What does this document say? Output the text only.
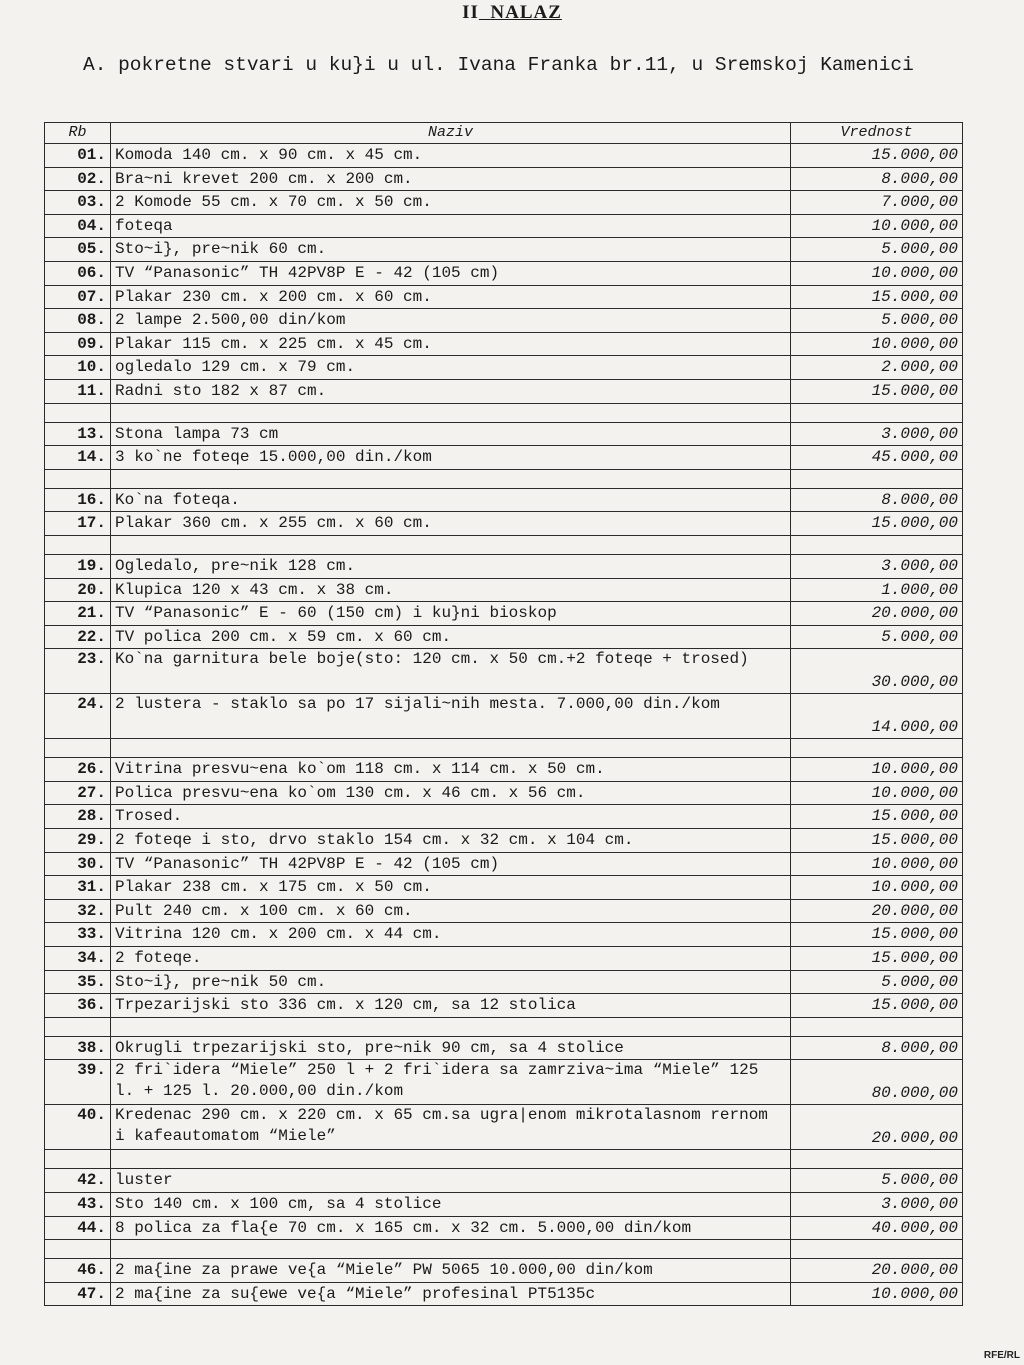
II NALAZ
A. pokretne stvari u ku}i u ul. Ivana Franka br.11, u Sremskoj Kamenici
Rb	Naziv	Vrednost
01.	Komoda 140 cm. x 90 cm. x 45 cm.	15.000,00
02.	Bra~ni krevet 200 cm. x 200 cm.	8.000,00
03.	2 Komode 55 cm. x 70 cm. x 50 cm.	7.000,00
04.	foteqa	10.000,00
05.	Sto~i}, pre~nik 60 cm.	5.000,00
06.	TV “Panasonic” TH 42PV8P E - 42 (105 cm)	10.000,00
07.	Plakar 230 cm. x 200 cm. x 60 cm.	15.000,00
08.	2 lampe 2.500,00 din/kom	5.000,00
09.	Plakar 115 cm. x 225 cm. x 45 cm.	10.000,00
10.	ogledalo 129 cm. x 79 cm.	2.000,00
11.	Radni sto 182 x 87 cm.	15.000,00

13.	Stona lampa 73 cm	3.000,00
14.	3 ko`ne foteqe 15.000,00 din./kom	45.000,00

16.	Ko`na foteqa.	8.000,00
17.	Plakar 360 cm. x 255 cm. x 60 cm.	15.000,00

19.	Ogledalo, pre~nik 128 cm.	3.000,00
20.	Klupica 120 x 43 cm. x 38 cm.	1.000,00
21.	TV “Panasonic” E - 60 (150 cm) i ku}ni bioskop	20.000,00
22.	TV polica 200 cm. x 59 cm. x 60 cm.	5.000,00
23.	Ko`na garnitura bele boje(sto: 120 cm. x 50 cm.+2 foteqe + trosed)	30.000,00
24.	2 lustera - staklo sa po 17 sijali~nih mesta. 7.000,00 din./kom	14.000,00

26.	Vitrina presvu~ena ko`om 118 cm. x 114 cm. x 50 cm.	10.000,00
27.	Polica presvu~ena ko`om 130 cm. x 46 cm. x 56 cm.	10.000,00
28.	Trosed.	15.000,00
29.	2 foteqe i sto, drvo staklo 154 cm. x 32 cm. x 104 cm.	15.000,00
30.	TV “Panasonic” TH 42PV8P E - 42 (105 cm)	10.000,00
31.	Plakar 238 cm. x 175 cm. x 50 cm.	10.000,00
32.	Pult 240 cm. x 100 cm. x 60 cm.	20.000,00
33.	Vitrina 120 cm. x 200 cm. x 44 cm.	15.000,00
34.	2 foteqe.	15.000,00
35.	Sto~i}, pre~nik 50 cm.	5.000,00
36.	Trpezarijski sto 336 cm. x 120 cm, sa 12 stolica	15.000,00

38.	Okrugli trpezarijski sto, pre~nik 90 cm, sa 4 stolice	8.000,00
39.	2 fri`idera “Miele” 250 l + 2 fri`idera sa zamrziva~ima “Miele” 125 l. + 125 l. 20.000,00 din./kom	80.000,00
40.	Kredenac 290 cm. x 220 cm. x 65 cm.sa ugra|enom mikrotalasnom rernom i kafeautomatom “Miele”	20.000,00

42.	luster	5.000,00
43.	Sto 140 cm. x 100 cm, sa 4 stolice	3.000,00
44.	8 polica za fla{e 70 cm. x 165 cm. x 32 cm. 5.000,00 din/kom	40.000,00

46.	2 ma{ine za prawe ve{a “Miele” PW 5065 10.000,00 din/kom	20.000,00
47.	2 ma{ine za su{ewe ve{a “Miele” profesinal PT5135c	10.000,00
RFE/RL
